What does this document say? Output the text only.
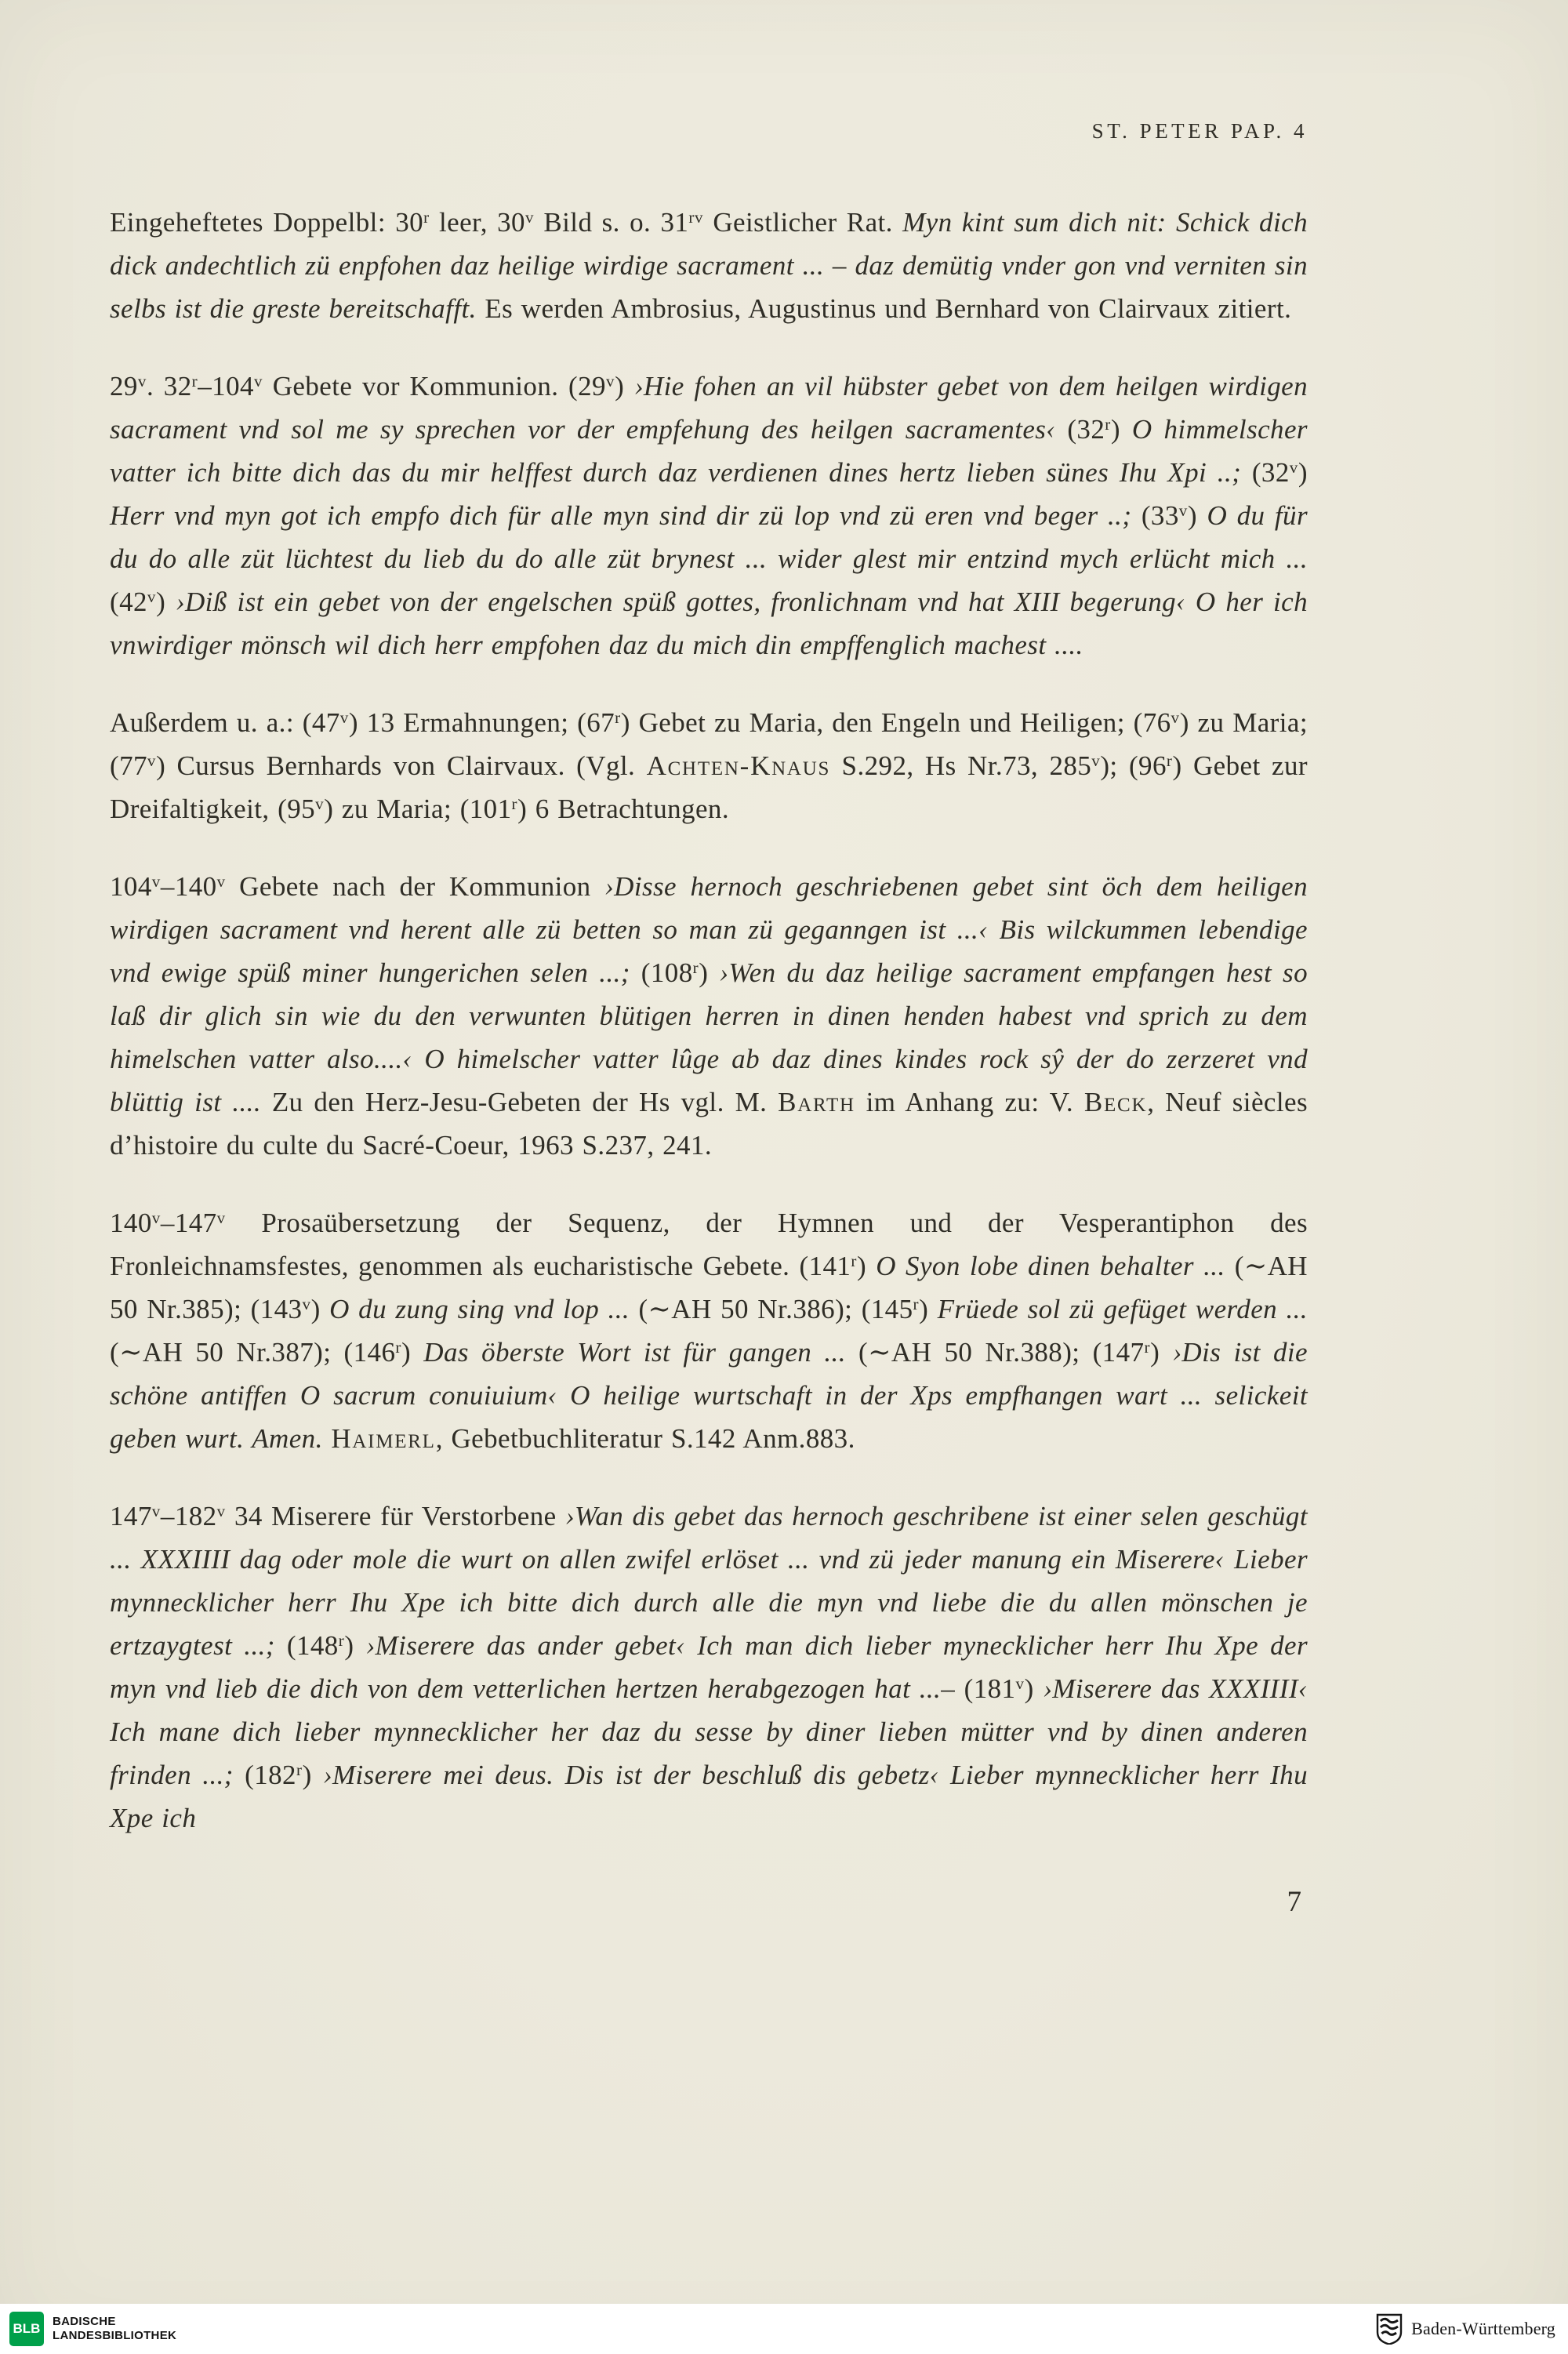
ST. PETER PAP. 4

Eingeheftetes Doppelbl: 30$^r$ leer, 30$^v$ Bild s. o. $31^{rv}$ Geistlicher Rat. Myn kint sum dich nit: Schick dich dick andechtlich zü enpfohen daz heilige wirdige sacrament ... – daz demütig vnder gon vnd verniten sin selbs ist die greste bereitschafft. Es werden Ambrosius, Augustinus und Bernhard von Clairvaux zitiert.

29$^v$. 32$^r$–104$^v$ Gebete vor Kommunion. (29$^v$) ›Hie fohen an vil hübster gebet von dem heilgen wirdigen sacrament vnd sol me sy sprechen vor der empfehung des heilgen sacramentes‹ (32$^r$) O himmelscher vatter ich bitte dich das du mir helffest durch daz verdienen dines hertz lieben sünes Ihu Xpi ..; (32$^v$) Herr vnd myn got ich empfo dich für alle myn sind dir zü lop vnd zü eren vnd beger ..; (33$^v$) O du für du do alle züt lüchtest du lieb du do alle züt brynest ... wider glest mir entzind mych erlücht mich ... (42$^v$) ›Diß ist ein gebet von der engelschen spüß gottes, fronlichnam vnd hat XIII begerung‹ O her ich vnwirdiger mönsch wil dich herr empfohen daz du mich din empffenglich machest ....

Außerdem u. a.: (47$^v$) 13 Ermahnungen; (67$^r$) Gebet zu Maria, den Engeln und Heiligen; (76$^v$) zu Maria; (77$^v$) Cursus Bernhards von Clairvaux. (Vgl. Achten-Knaus S.292, Hs Nr.73, 285$^v$); (96$^r$) Gebet zur Dreifaltigkeit, (95$^v$) zu Maria; (101$^r$) 6 Betrachtungen.

104$^v$–140$^v$ Gebete nach der Kommunion ›Disse hernoch geschriebenen gebet sint öch dem heiligen wirdigen sacrament vnd herent alle zü betten so man zü geganngen ist ...‹ Bis wilckummen lebendige vnd ewige spüß miner hungerichen selen ...; (108$^r$) ›Wen du daz heilige sacrament empfangen hest so laß dir glich sin wie du den verwunten blütigen herren in dinen henden habest vnd sprich zu dem himelschen vatter also....‹ O himelscher vatter lûge ab daz dines kindes rock sŷ der do zerzeret vnd blüttig ist .... Zu den Herz-Jesu-Gebeten der Hs vgl. M. Barth im Anhang zu: V. Beck, Neuf siècles d’histoire du culte du Sacré-Coeur, 1963 S.237, 241.

140$^v$–147$^v$ Prosaübersetzung der Sequenz, der Hymnen und der Vesperantiphon des Fronleichnamsfestes, genommen als eucharistische Gebete. (141$^r$) O Syon lobe dinen behalter ... (∼AH 50 Nr.385); (143$^v$) O du zung sing vnd lop ... (∼AH 50 Nr.386); (145$^r$) Früede sol zü gefüget werden ... (∼AH 50 Nr.387); (146$^r$) Das öberste Wort ist für gangen ... (∼AH 50 Nr.388); (147$^r$) ›Dis ist die schöne antiffen O sacrum conuiuium‹ O heilige wurtschaft in der Xps empfhangen wart ... selickeit geben wurt. Amen. Haimerl, Gebetbuchliteratur S.142 Anm.883.

147$^v$–182$^v$ 34 Miserere für Verstorbene ›Wan dis gebet das hernoch geschribene ist einer selen geschügt ... XXXIIII dag oder mole die wurt on allen zwifel erlöset ... vnd zü jeder manung ein Miserere‹ Lieber mynnecklicher herr Ihu Xpe ich bitte dich durch alle die myn vnd liebe die du allen mönschen je ertzaygtest ...; (148$^r$) ›Miserere das ander gebet‹ Ich man dich lieber mynecklicher herr Ihu Xpe der myn vnd lieb die dich von dem vetterlichen hertzen herabgezogen hat ...– (181$^v$) ›Miserere das XXXIIII‹ Ich mane dich lieber mynnecklicher her daz du sesse by diner lieben mütter vnd by dinen anderen frinden ...; (182$^r$) ›Miserere mei deus. Dis ist der beschluß dis gebetz‹ Lieber mynnecklicher herr Ihu Xpe ich

7
BLB	BADISCHE
LANDESBIBLIOTHEK	Baden-Württemberg
